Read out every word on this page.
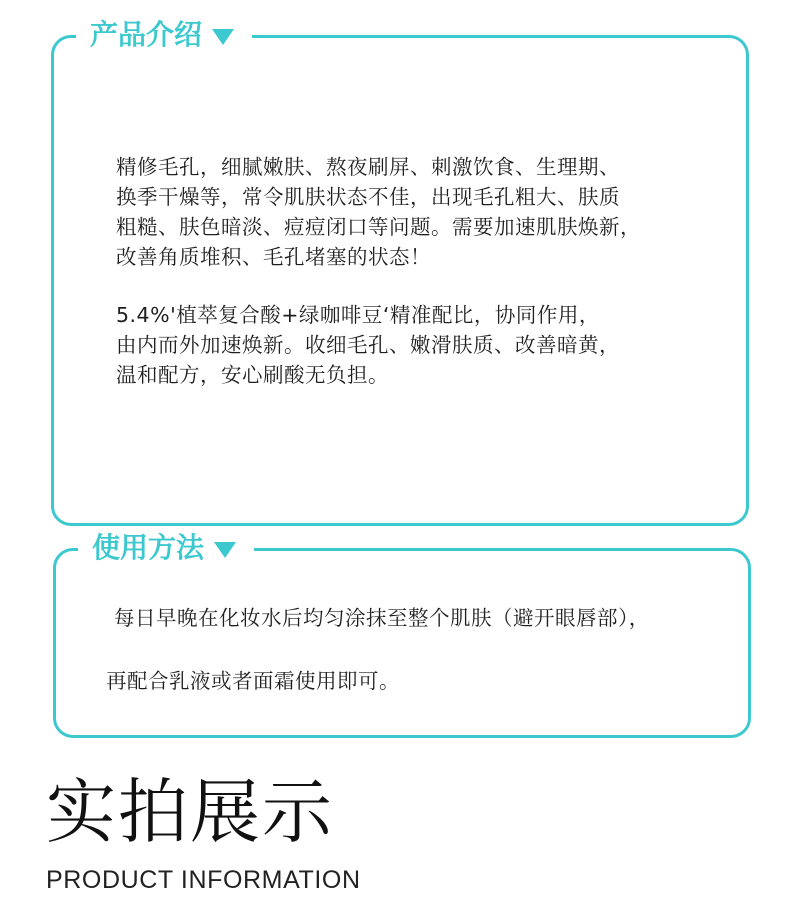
产品介绍
精修毛孔，细腻嫩肤、熬夜刷屏、刺激饮食、生理期、
换季干燥等，常令肌肤状态不佳，出现毛孔粗大、肤质
粗糙、肤色暗淡、痘痘闭口等问题。需要加速肌肤焕新，
改善角质堆积、毛孔堵塞的状态！
5.4%'植萃复合酸+绿咖啡豆‘精准配比，协同作用，
由内而外加速焕新。收细毛孔、嫩滑肤质、改善暗黄，
温和配方，安心刷酸无负担。
使用方法
每日早晚在化妆水后均匀涂抹至整个肌肤（避开眼唇部），
再配合乳液或者面霜使用即可。
实拍展示
PRODUCT INFORMATION
